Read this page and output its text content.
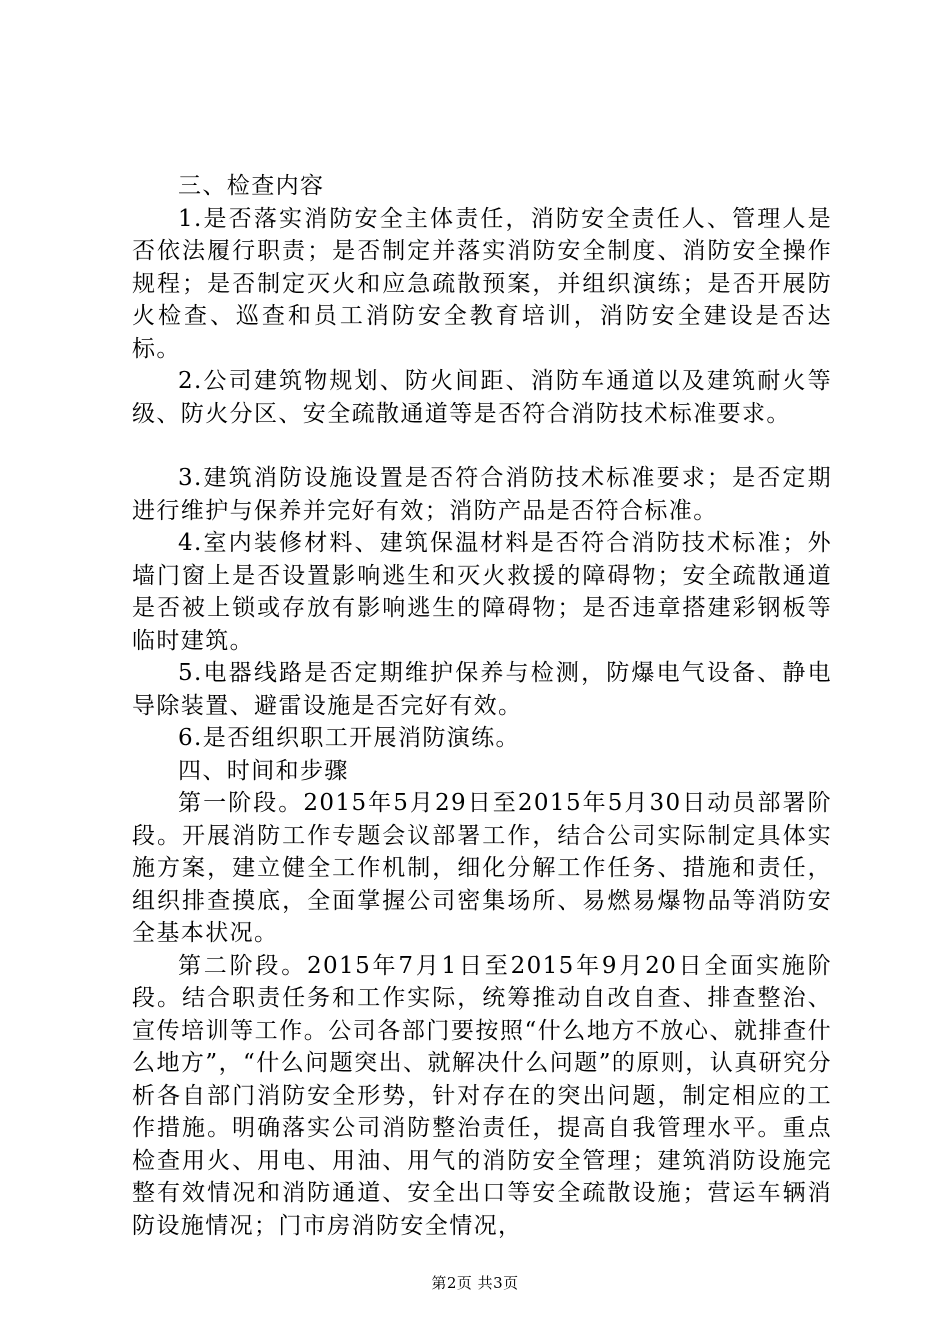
三、检查内容

1.是否落实消防安全主体责任，消防安全责任人、管理人是否依法履行职责；是否制定并落实消防安全制度、消防安全操作规程；是否制定灭火和应急疏散预案，并组织演练；是否开展防火检查、巡查和员工消防安全教育培训，消防安全建设是否达标。

2.公司建筑物规划、防火间距、消防车通道以及建筑耐火等级、防火分区、安全疏散通道等是否符合消防技术标准要求。

3.建筑消防设施设置是否符合消防技术标准要求；是否定期进行维护与保养并完好有效；消防产品是否符合标准。

4.室内装修材料、建筑保温材料是否符合消防技术标准；外墙门窗上是否设置影响逃生和灭火救援的障碍物；安全疏散通道是否被上锁或存放有影响逃生的障碍物；是否违章搭建彩钢板等临时建筑。

5.电器线路是否定期维护保养与检测，防爆电气设备、静电导除装置、避雷设施是否完好有效。

6.是否组织职工开展消防演练。

四、时间和步骤

第一阶段。2015年5月29日至2015年5月30日动员部署阶段。开展消防工作专题会议部署工作，结合公司实际制定具体实施方案，建立健全工作机制，细化分解工作任务、措施和责任，组织排查摸底，全面掌握公司密集场所、易燃易爆物品等消防安全基本状况。

第二阶段。2015年7月1日至2015年9月20日全面实施阶段。结合职责任务和工作实际，统筹推动自改自查、排查整治、宣传培训等工作。公司各部门要按照“什么地方不放心、就排查什么地方”，“什么问题突出、就解决什么问题”的原则，认真研究分析各自部门消防安全形势，针对存在的突出问题，制定相应的工作措施。明确落实公司消防整治责任，提高自我管理水平。重点检查用火、用电、用油、用气的消防安全管理；建筑消防设施完整有效情况和消防通道、安全出口等安全疏散设施；营运车辆消防设施情况；门市房消防安全情况，

第2页 共3页
